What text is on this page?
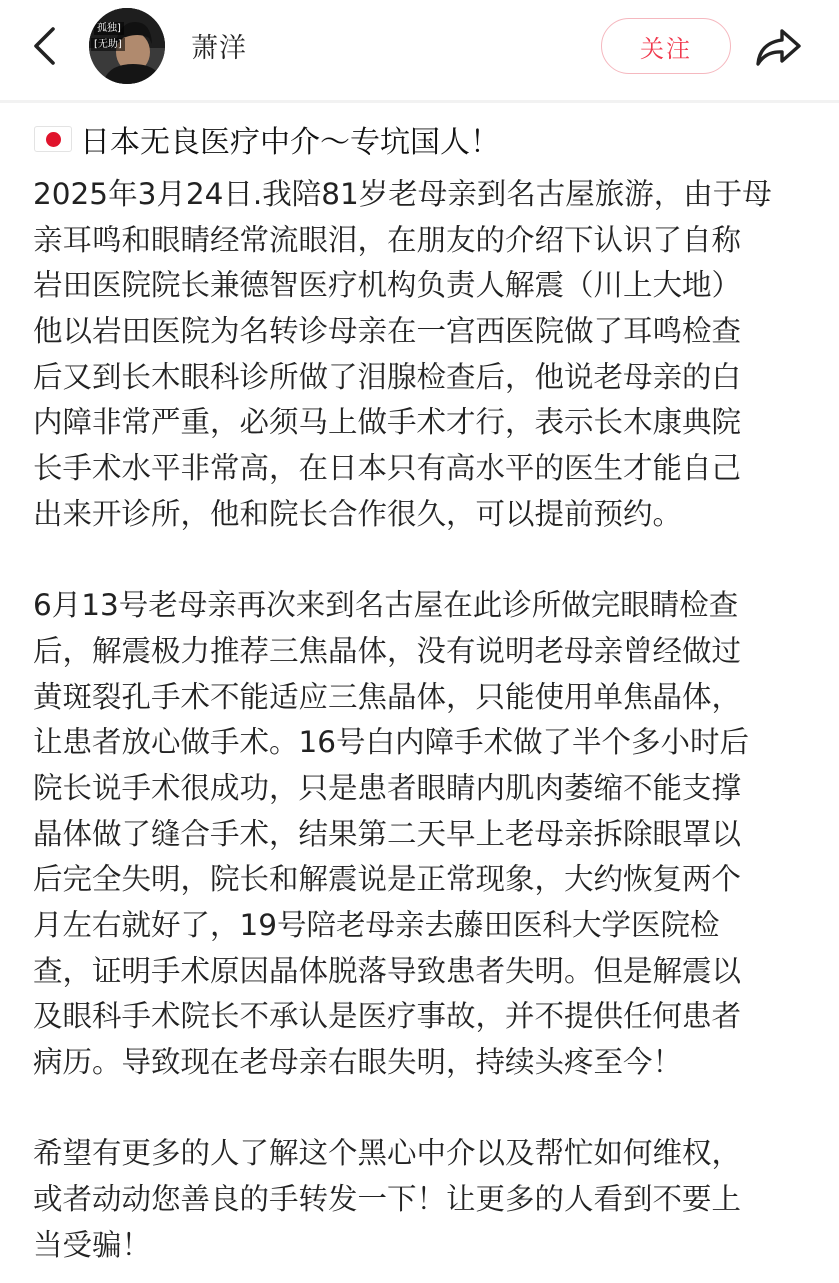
孤独]
[无助]	萧洋	关注
日本无良医疗中介～专坑国人！
2025年3月24日.我陪81岁老母亲到名古屋旅游，由于母
亲耳鸣和眼睛经常流眼泪，在朋友的介绍下认识了自称
岩田医院院长兼德智医疗机构负责人解震（川上大地）
他以岩田医院为名转诊母亲在一宫西医院做了耳鸣检查
后又到长木眼科诊所做了泪腺检查后，他说老母亲的白
内障非常严重，必须马上做手术才行，表示长木康典院
长手术水平非常高，在日本只有高水平的医生才能自己
出来开诊所，他和院长合作很久，可以提前预约。
6月13号老母亲再次来到名古屋在此诊所做完眼睛检查
后，解震极力推荐三焦晶体，没有说明老母亲曾经做过
黄斑裂孔手术不能适应三焦晶体，只能使用单焦晶体，
让患者放心做手术。16号白内障手术做了半个多小时后
院长说手术很成功，只是患者眼睛内肌肉萎缩不能支撑
晶体做了缝合手术，结果第二天早上老母亲拆除眼罩以
后完全失明，院长和解震说是正常现象，大约恢复两个
月左右就好了，19号陪老母亲去藤田医科大学医院检
查，证明手术原因晶体脱落导致患者失明。但是解震以
及眼科手术院长不承认是医疗事故，并不提供任何患者
病历。导致现在老母亲右眼失明，持续头疼至今！
希望有更多的人了解这个黑心中介以及帮忙如何维权，
或者动动您善良的手转发一下！让更多的人看到不要上
当受骗！
